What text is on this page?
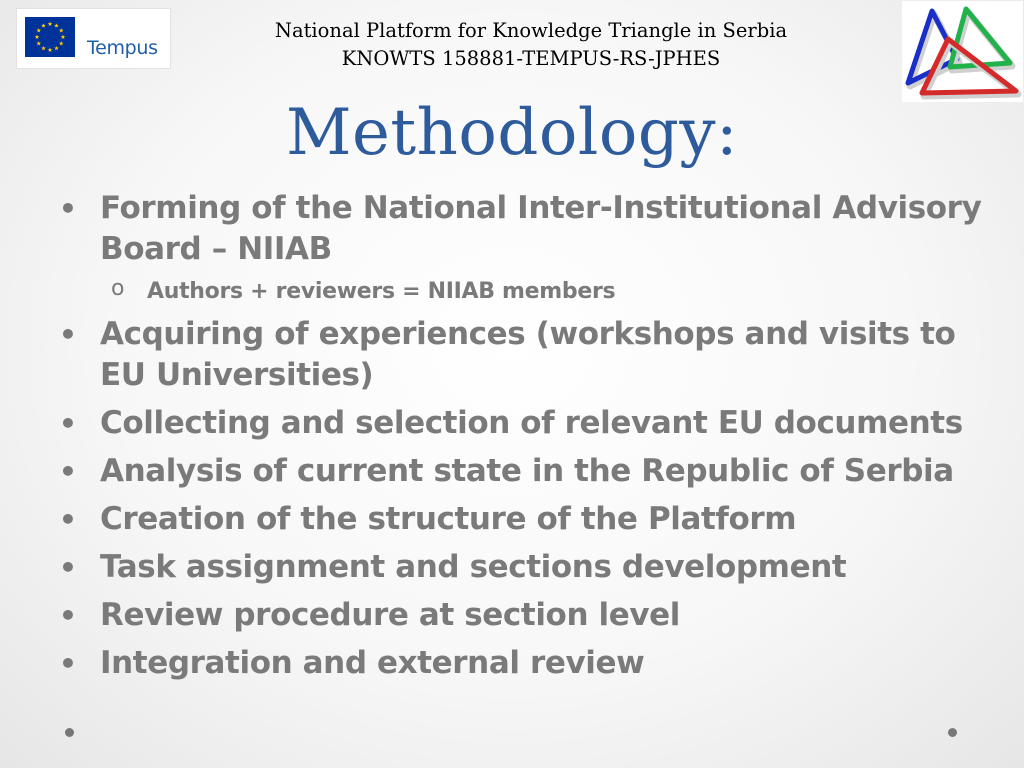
Tempus
National Platform for Knowledge Triangle in Serbia
KNOWTS 158881-TEMPUS-RS-JPHES
Methodology:
• Forming of the National Inter-Institutional Advisory Board – NIIAB
o Authors + reviewers = NIIAB members
• Acquiring of experiences (workshops and visits to EU Universities)
• Collecting and selection of relevant EU documents
• Analysis of current state in the Republic of Serbia
• Creation of the structure of the Platform
• Task assignment and sections development
• Review procedure at section level
• Integration and external review
